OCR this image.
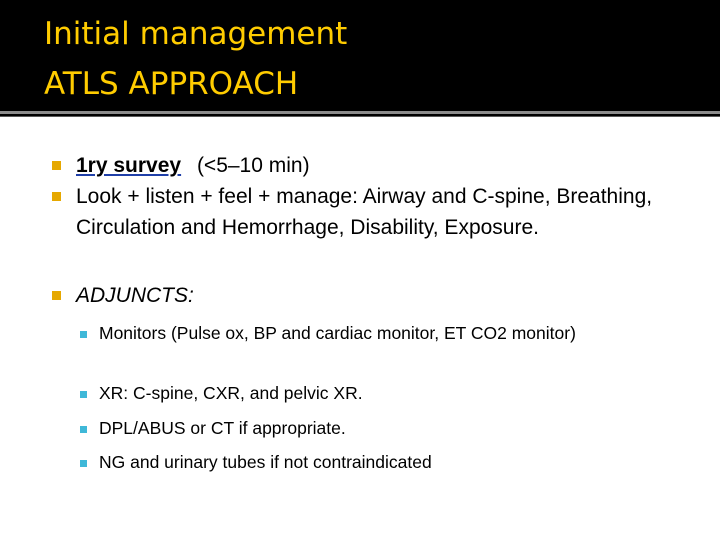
Initial management
ATLS APPROACH
1ry survey (<5–10 min)
Look + listen + feel + manage: Airway and C-spine, Breathing, Circulation and Hemorrhage, Disability, Exposure.
ADJUNCTS:
Monitors (Pulse ox, BP and cardiac monitor, ET CO2 monitor)
XR: C-spine, CXR, and pelvic XR.
DPL/ABUS or CT if appropriate.
NG and urinary tubes if not contraindicated
